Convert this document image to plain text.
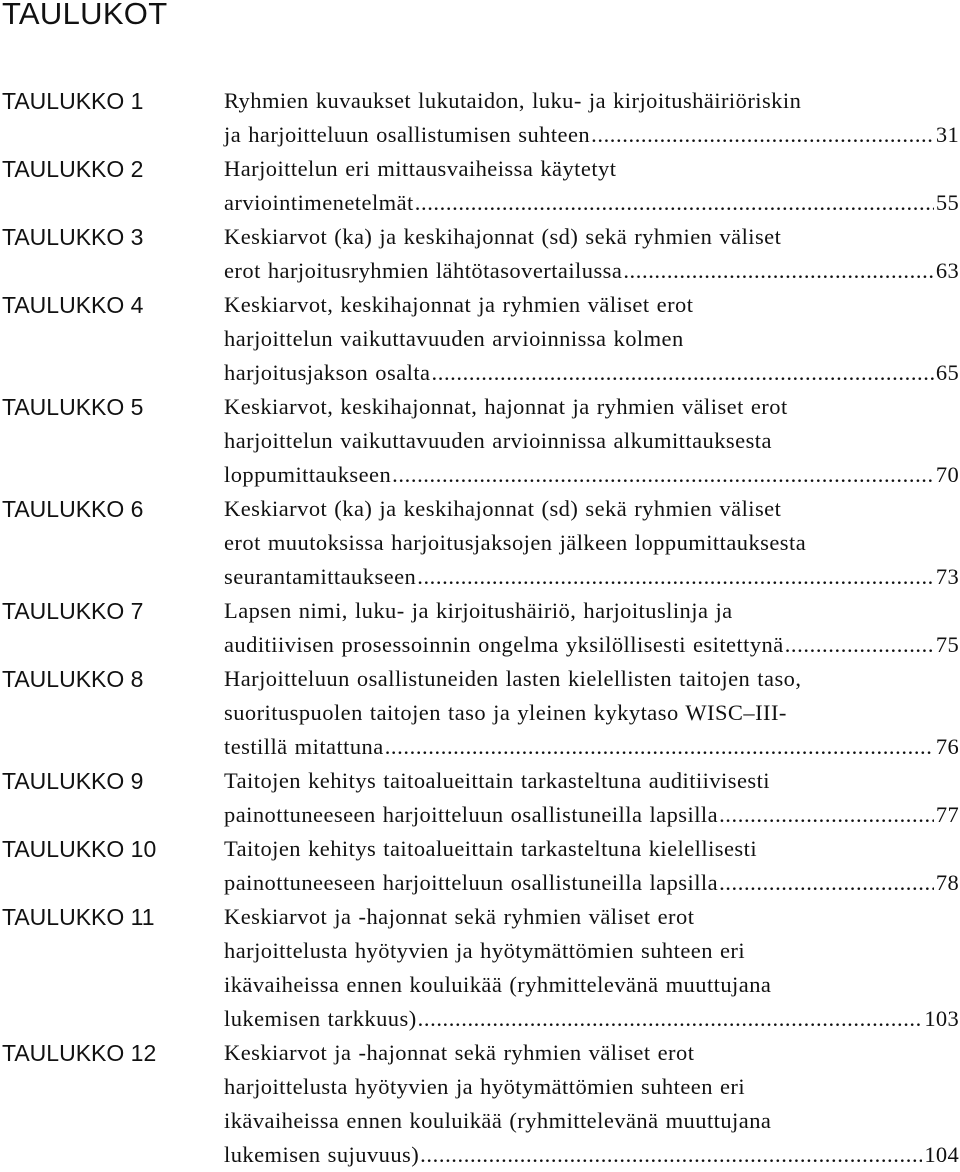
TAULUKOT
TAULUKKO 1	Ryhmien kuvaukset lukutaidon, luku- ja kirjoitushäiriöriskin
ja harjoitteluun osallistumisen suhteen .....	31
TAULUKKO 2	Harjoittelun eri mittausvaiheissa käytetyt
arviointimenetelmät .....	55
TAULUKKO 3	Keskiarvot (ka) ja keskihajonnat (sd) sekä ryhmien väliset
erot harjoitusryhmien lähtötasovertailussa .....	63
TAULUKKO 4	Keskiarvot, keskihajonnat ja ryhmien väliset erot
harjoittelun vaikuttavuuden arvioinnissa kolmen
harjoitusjakson osalta .....	65
TAULUKKO 5	Keskiarvot, keskihajonnat, hajonnat ja ryhmien väliset erot
harjoittelun vaikuttavuuden arvioinnissa alkumittauksesta
loppumittaukseen .....	70
TAULUKKO 6	Keskiarvot (ka) ja keskihajonnat (sd) sekä ryhmien väliset
erot muutoksissa harjoitusjaksojen jälkeen loppumittauksesta
seurantamittaukseen .....	73
TAULUKKO 7	Lapsen nimi, luku- ja kirjoitushäiriö, harjoituslinja ja
auditiivisen prosessoinnin ongelma yksilöllisesti esitettynä .....	75
TAULUKKO 8	Harjoitteluun osallistuneiden lasten kielellisten taitojen taso,
suorituspuolen taitojen taso ja yleinen kykytaso WISC–III-
testillä mitattuna .....	76
TAULUKKO 9	Taitojen kehitys taitoalueittain tarkasteltuna auditiivisesti
painottuneeseen harjoitteluun osallistuneilla lapsilla .....	77
TAULUKKO 10	Taitojen kehitys taitoalueittain tarkasteltuna kielellisesti
painottuneeseen harjoitteluun osallistuneilla lapsilla .....	78
TAULUKKO 11	Keskiarvot ja -hajonnat sekä ryhmien väliset erot
harjoittelusta hyötyvien ja hyötymättömien suhteen eri
ikävaiheissa ennen kouluikää (ryhmittelevänä muuttujana
lukemisen tarkkuus) .....	103
TAULUKKO 12	Keskiarvot ja -hajonnat sekä ryhmien väliset erot
harjoittelusta hyötyvien ja hyötymättömien suhteen eri
ikävaiheissa ennen kouluikää (ryhmittelevänä muuttujana
lukemisen sujuvuus) .....	104
